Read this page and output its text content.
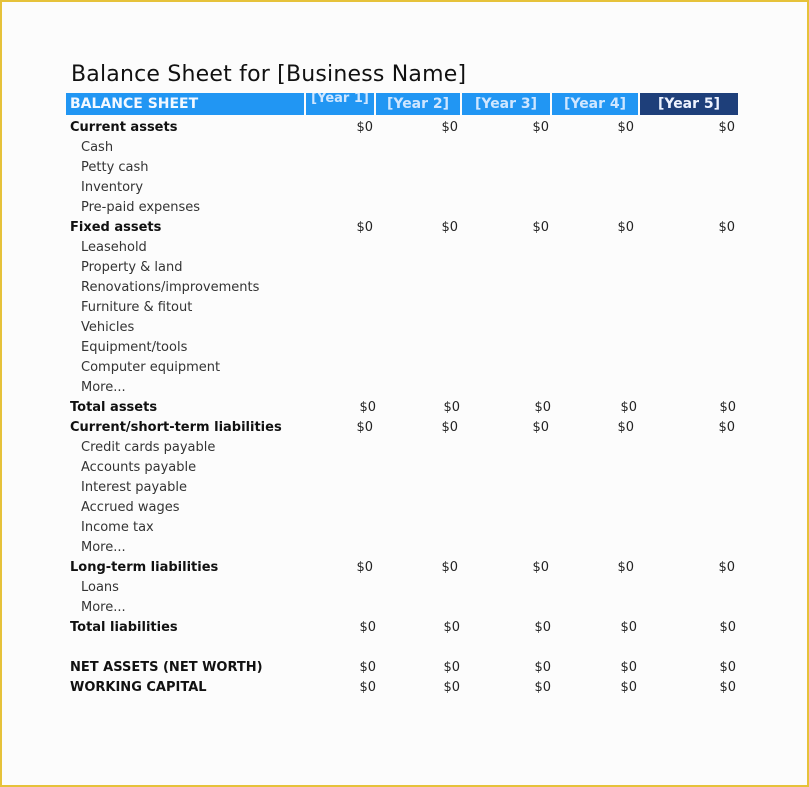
Balance Sheet for [Business Name]
BALANCE SHEET	[Year 1]	[Year 2]	[Year 3]	[Year 4]	[Year 5]
Current assets	$0	$0	$0	$0	$0
Cash
Petty cash
Inventory
Pre-paid expenses
Fixed assets	$0	$0	$0	$0	$0
Leasehold
Property & land
Renovations/improvements
Furniture & fitout
Vehicles
Equipment/tools
Computer equipment
More...
Total assets	$0	$0	$0	$0	$0
Current/short-term liabilities	$0	$0	$0	$0	$0
Credit cards payable
Accounts payable
Interest payable
Accrued wages
Income tax
More...
Long-term liabilities	$0	$0	$0	$0	$0
Loans
More...
Total liabilities	$0	$0	$0	$0	$0
NET ASSETS (NET WORTH)	$0	$0	$0	$0	$0
WORKING CAPITAL	$0	$0	$0	$0	$0
